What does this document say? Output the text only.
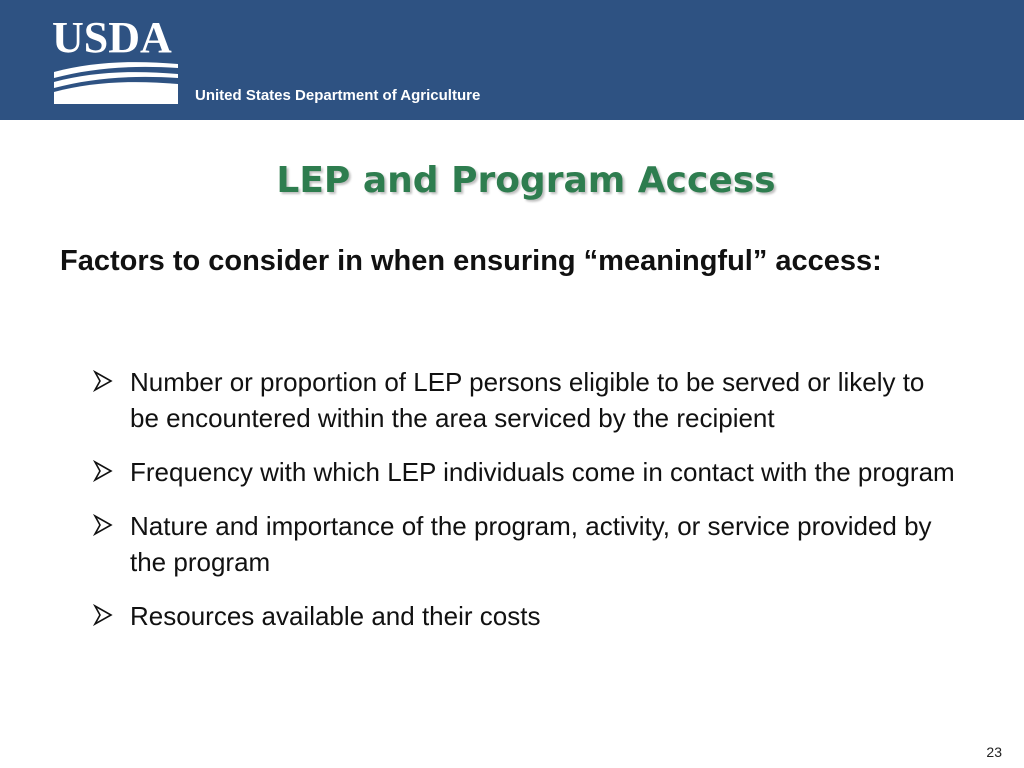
USDA
United States Department of Agriculture
LEP and Program Access
Factors to consider in when ensuring “meaningful” access:
Number or proportion of LEP persons eligible to be served or likely to be encountered within the area serviced by the recipient
Frequency with which LEP individuals come in contact with the program
Nature and importance of the program, activity, or service provided by the program
Resources available and their costs
23
